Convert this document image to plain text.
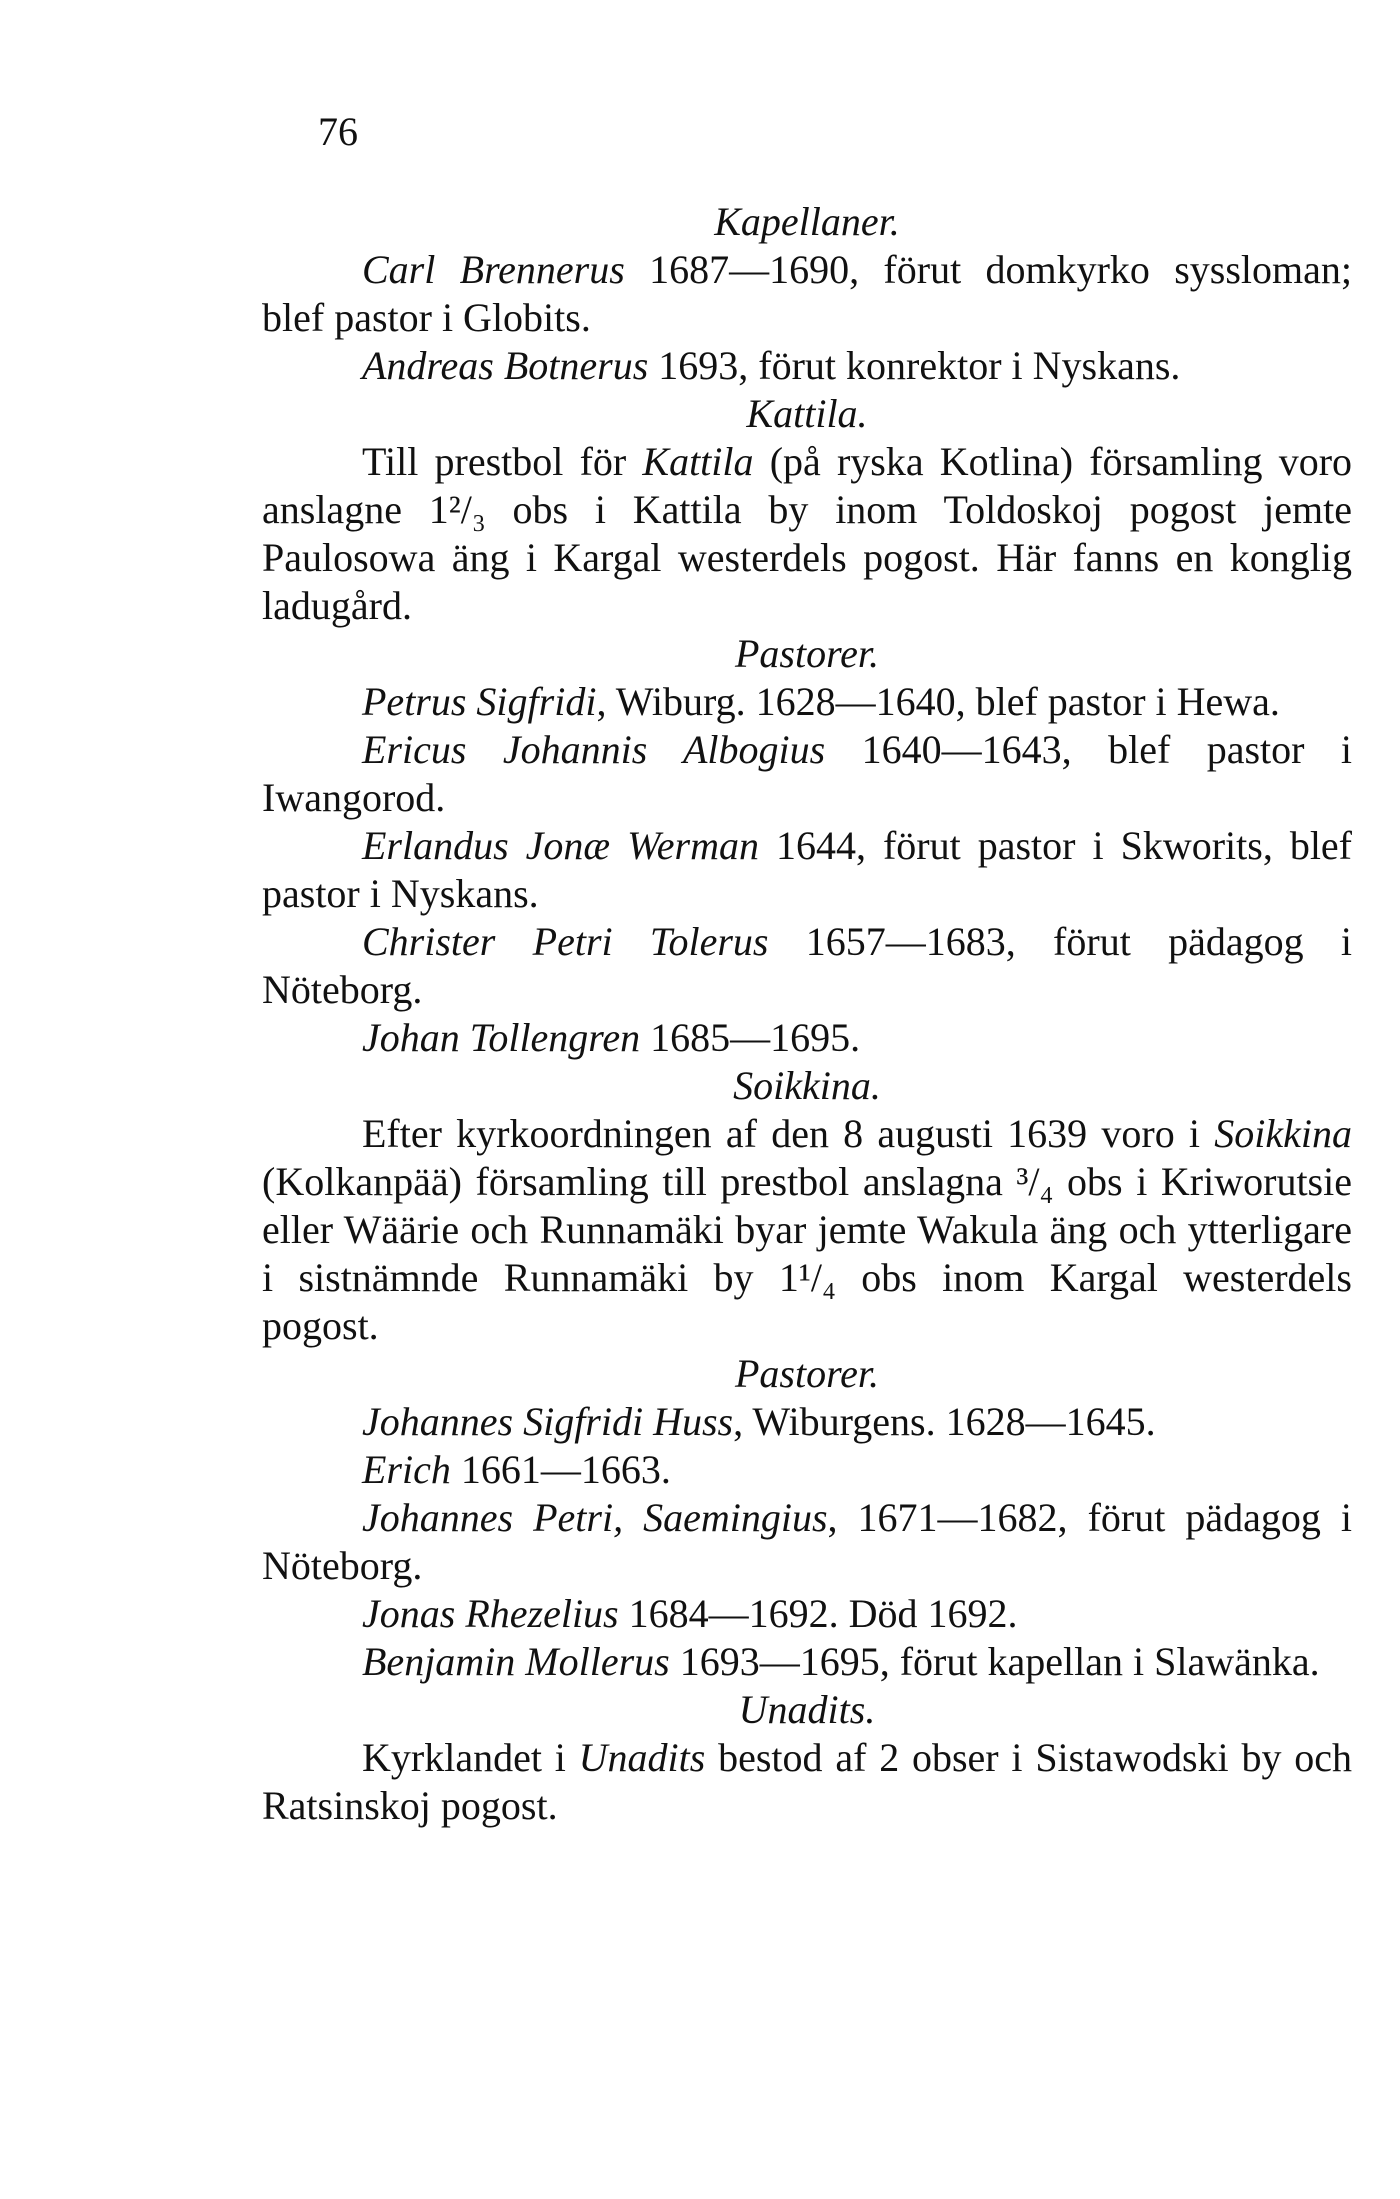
76

Kapellaner.

Carl Brennerus 1687—1690, förut domkyrko syssloman; blef pastor i Globits.

Andreas Botnerus 1693, förut konrektor i Nyskans.

Kattila.

Till prestbol för Kattila (på ryska Kotlina) församling voro anslagne 1²/₃ obs i Kattila by inom Toldoskoj pogost jemte Paulosowa äng i Kargal westerdels pogost. Här fanns en konglig ladugård.

Pastorer.

Petrus Sigfridi, Wiburg. 1628—1640, blef pastor i Hewa.

Ericus Johannis Albogius 1640—1643, blef pastor i Iwangorod.

Erlandus Jonæ Werman 1644, förut pastor i Skworits, blef pastor i Nyskans.

Christer Petri Tolerus 1657—1683, förut pädagog i Nöteborg.

Johan Tollengren 1685—1695.

Soikkina.

Efter kyrkoordningen af den 8 augusti 1639 voro i Soikkina (Kolkanpää) församling till prestbol anslagna ³/₄ obs i Kriworutsie eller Wäärie och Runnamäki byar jemte Wakula äng och ytterligare i sistnämnde Runnamäki by 1¹/₄ obs inom Kargal westerdels pogost.

Pastorer.

Johannes Sigfridi Huss, Wiburgens. 1628—1645.

Erich 1661—1663.

Johannes Petri, Saemingius, 1671—1682, förut pädagog i Nöteborg.

Jonas Rhezelius 1684—1692. Död 1692.

Benjamin Mollerus 1693—1695, förut kapellan i Slawänka.

Unadits.

Kyrklandet i Unadits bestod af 2 obser i Sistawodski by och Ratsinskoj pogost.
